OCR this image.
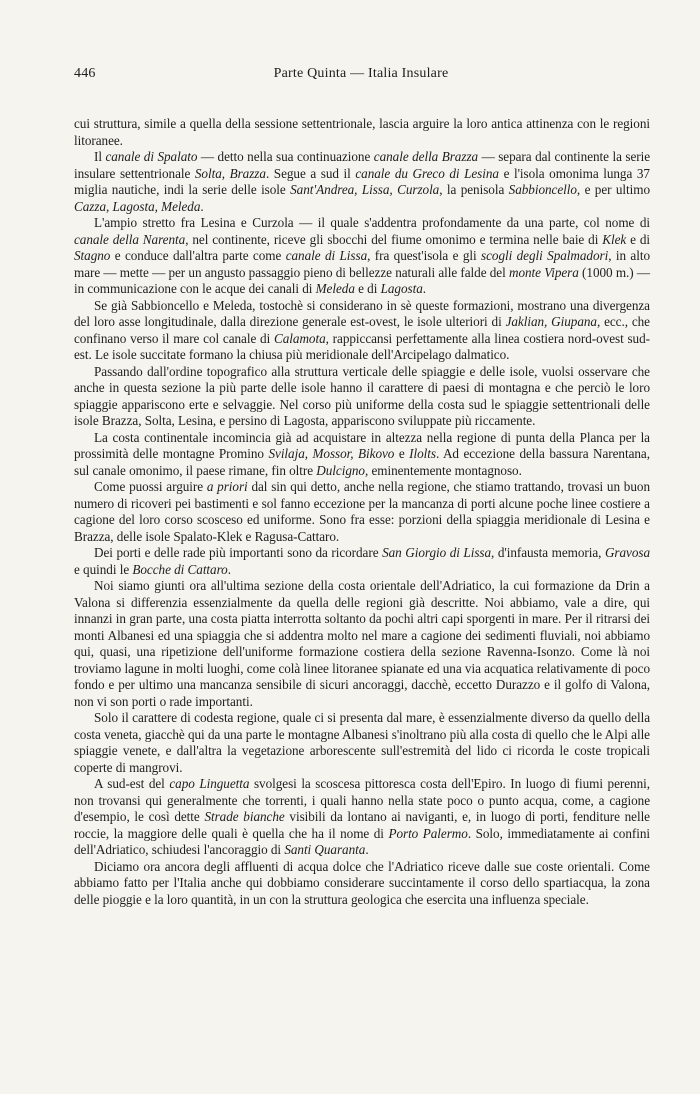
446	Parte Quinta — Italia Insulare

cui struttura, simile a quella della sessione settentrionale, lascia arguire la loro antica attinenza con le regioni litoranee.

Il canale di Spalato — detto nella sua continuazione canale della Brazza — separa dal continente la serie insulare settentrionale Solta, Brazza. Segue a sud il canale du Greco di Lesina e l'isola omonima lunga 37 miglia nautiche, indi la serie delle isole Sant'Andrea, Lissa, Curzola, la penisola Sabbioncello, e per ultimo Cazza, Lagosta, Meleda.

L'ampio stretto fra Lesina e Curzola — il quale s'addentra profondamente da una parte, col nome di canale della Narenta, nel continente, riceve gli sbocchi del fiume omonimo e termina nelle baie di Klek e di Stagno e conduce dall'altra parte come canale di Lissa, fra quest'isola e gli scogli degli Spalmadori, in alto mare — mette — per un angusto passaggio pieno di bellezze naturali alle falde del monte Vipera (1000 m.) — in communicazione con le acque dei canali di Meleda e di Lagosta.

Se già Sabbioncello e Meleda, tostochè si considerano in sè queste formazioni, mostrano una divergenza del loro asse longitudinale, dalla direzione generale est-ovest, le isole ulteriori di Jaklian, Giupana, ecc., che confinano verso il mare col canale di Calamota, rappiccansi perfettamente alla linea costiera nord-ovest sud-est. Le isole succitate formano la chiusa più meridionale dell'Arcipelago dalmatico.

Passando dall'ordine topografico alla struttura verticale delle spiaggie e delle isole, vuolsi osservare che anche in questa sezione la più parte delle isole hanno il carattere di paesi di montagna e che perciò le loro spiaggie appariscono erte e selvaggie. Nel corso più uniforme della costa sud le spiaggie settentrionali delle isole Brazza, Solta, Lesina, e persino di Lagosta, appariscono sviluppate più riccamente.

La costa continentale incomincia già ad acquistare in altezza nella regione di punta della Planca per la prossimità delle montagne Promino Svilaja, Mossor, Bikovo e Ilolts. Ad eccezione della bassura Narentana, sul canale omonimo, il paese rimane, fin oltre Dulcigno, eminentemente montagnoso.

Come puossi arguire a priori dal sin qui detto, anche nella regione, che stiamo trattando, trovasi un buon numero di ricoveri pei bastimenti e sol fanno eccezione per la mancanza di porti alcune poche linee costiere a cagione del loro corso scosceso ed uniforme. Sono fra esse: porzioni della spiaggia meridionale di Lesina e Brazza, delle isole Spalato-Klek e Ragusa-Cattaro.

Dei porti e delle rade più importanti sono da ricordare San Giorgio di Lissa, d'infausta memoria, Gravosa e quindi le Bocche di Cattaro.

Noi siamo giunti ora all'ultima sezione della costa orientale dell'Adriatico, la cui formazione da Drin a Valona si differenzia essenzialmente da quella delle regioni già descritte. Noi abbiamo, vale a dire, qui innanzi in gran parte, una costa piatta interrotta soltanto da pochi altri capi sporgenti in mare. Per il ritrarsi dei monti Albanesi ed una spiaggia che si addentra molto nel mare a cagione dei sedimenti fluviali, noi abbiamo qui, quasi, una ripetizione dell'uniforme formazione costiera della sezione Ravenna-Isonzo. Come là noi troviamo lagune in molti luoghi, come colà linee litoranee spianate ed una via acquatica relativamente di poco fondo e per ultimo una mancanza sensibile di sicuri ancoraggi, dacchè, eccetto Durazzo e il golfo di Valona, non vi son porti o rade importanti.

Solo il carattere di codesta regione, quale ci si presenta dal mare, è essenzialmente diverso da quello della costa veneta, giacchè qui da una parte le montagne Albanesi s'inoltrano più alla costa di quello che le Alpi alle spiaggie venete, e dall'altra la vegetazione arborescente sull'estremità del lido ci ricorda le coste tropicali coperte di mangrovi.

A sud-est del capo Linguetta svolgesi la scoscesa pittoresca costa dell'Epiro. In luogo di fiumi perenni, non trovansi qui generalmente che torrenti, i quali hanno nella state poco o punto acqua, come, a cagione d'esempio, le così dette Strade bianche visibili da lontano ai naviganti, e, in luogo di porti, fenditure nelle roccie, la maggiore delle quali è quella che ha il nome di Porto Palermo. Solo, immediatamente ai confini dell'Adriatico, schiudesi l'ancoraggio di Santi Quaranta.

Diciamo ora ancora degli affluenti di acqua dolce che l'Adriatico riceve dalle sue coste orientali. Come abbiamo fatto per l'Italia anche qui dobbiamo considerare succintamente il corso dello spartiacqua, la zona delle pioggie e la loro quantità, in un con la struttura geologica che esercita una influenza speciale.
